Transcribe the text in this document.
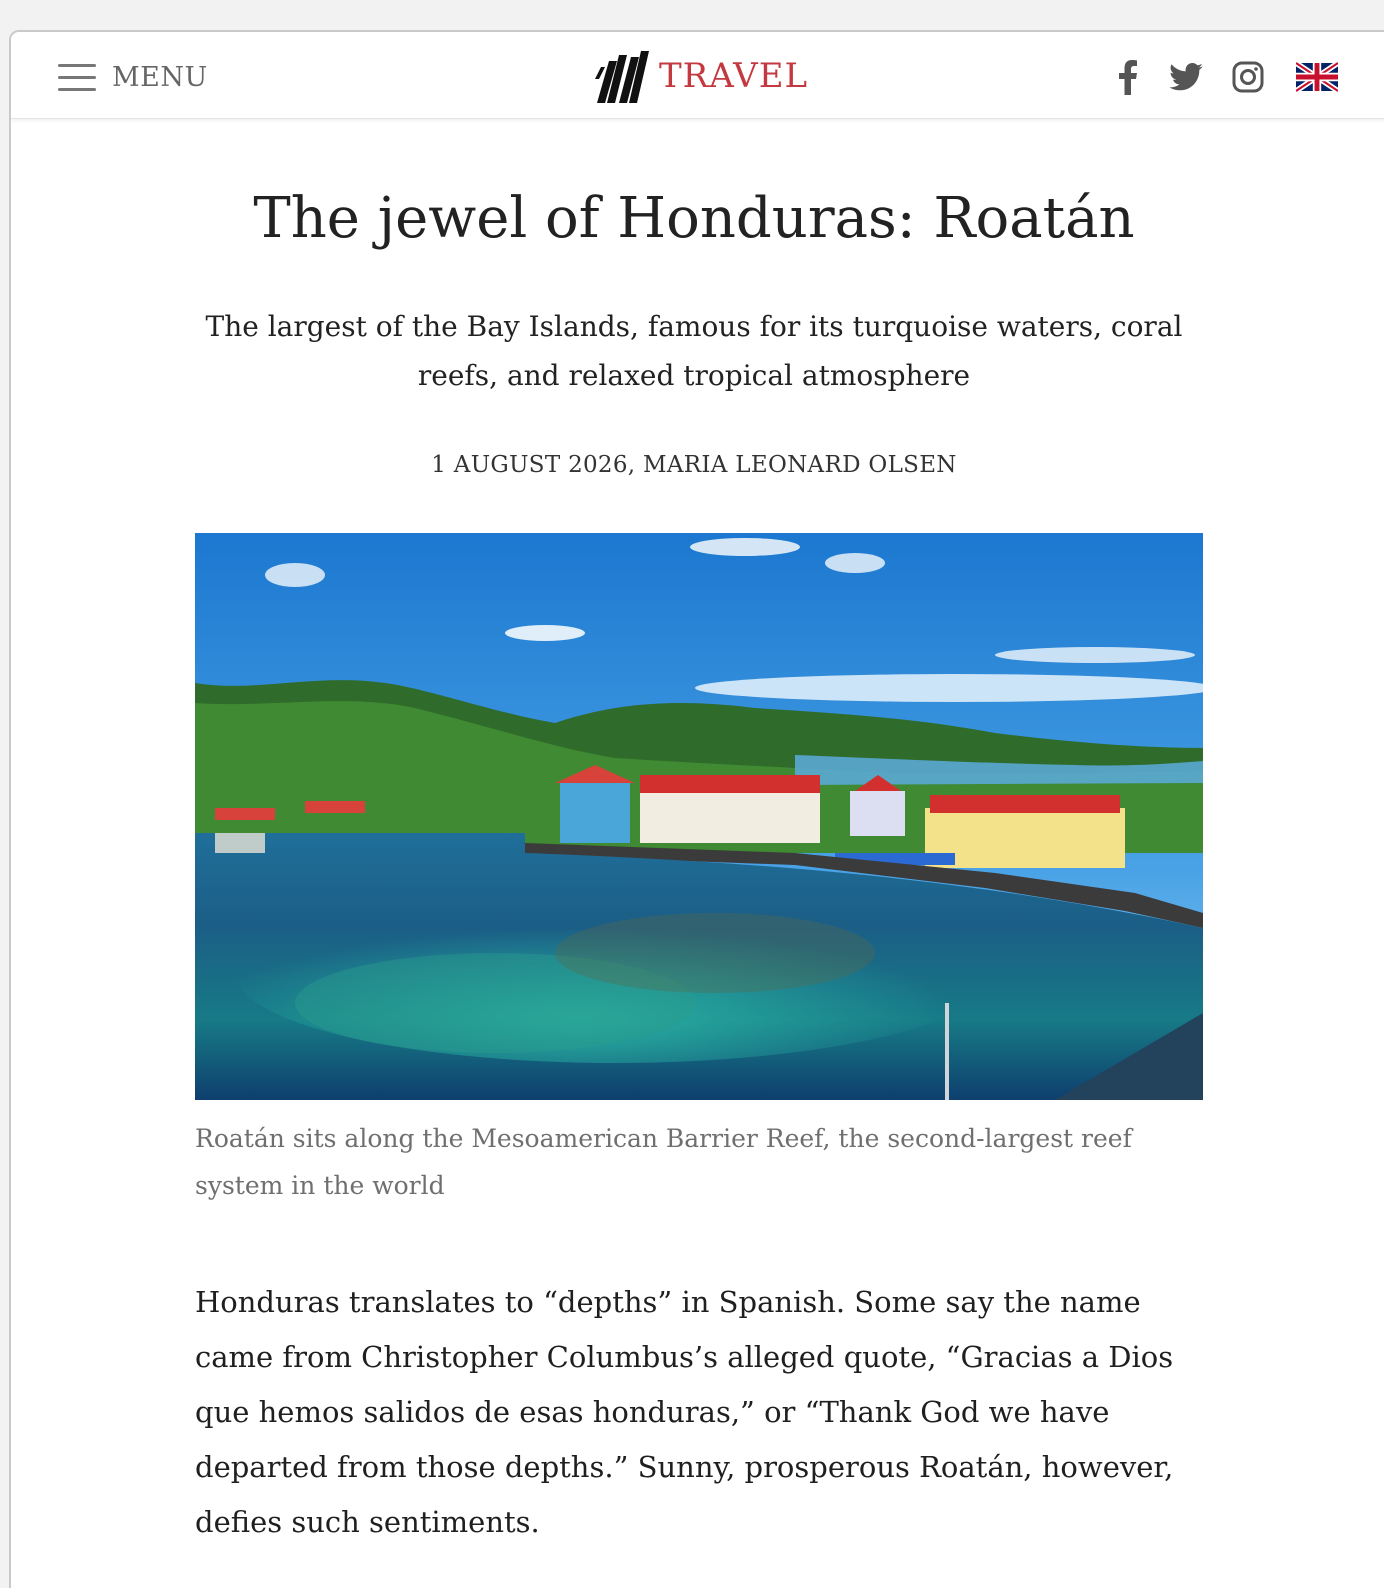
MENU	TRAVEL
The jewel of Honduras: Roatán

The largest of the Bay Islands, famous for its turquoise waters, coral reefs, and relaxed tropical atmosphere

1 AUGUST 2026, MARIA LEONARD OLSEN

Roatán sits along the Mesoamerican Barrier Reef, the second-largest reef system in the world

Honduras translates to “depths” in Spanish. Some say the name came from Christopher Columbus’s alleged quote, “Gracias a Dios que hemos salidos de esas honduras,” or “Thank God we have departed from those depths.” Sunny, prosperous Roatán, however, defies such sentiments.
